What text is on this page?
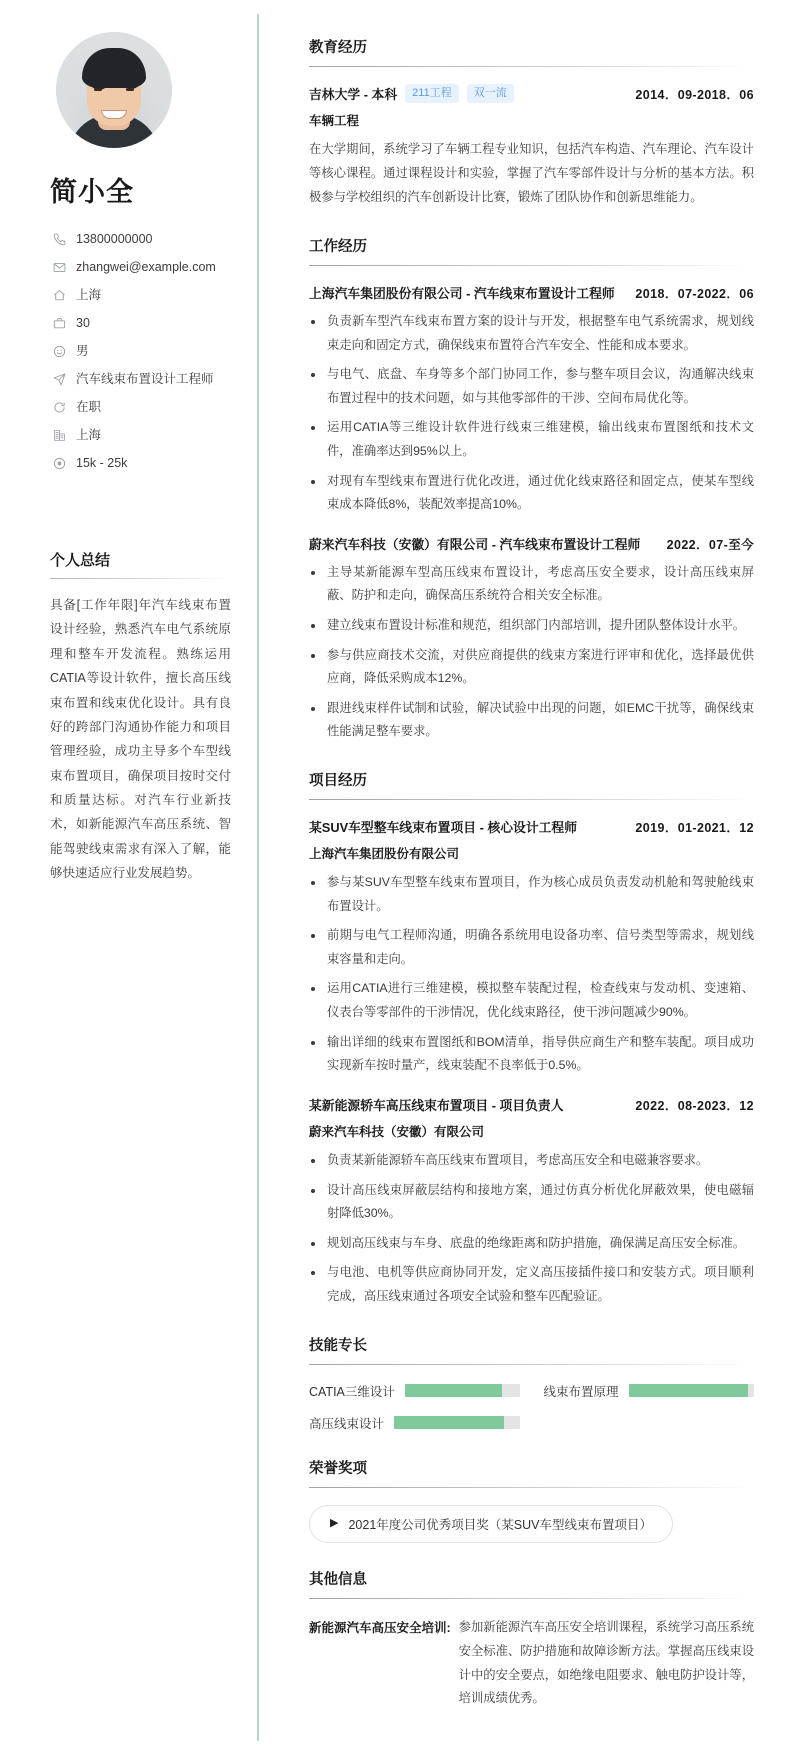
简小全
13800000000
zhangwei@example.com
上海
30
男
汽车线束布置设计工程师
在职
上海
15k - 25k
个人总结

具备[工作年限]年汽车线束布置设计经验，熟悉汽车电气系统原理和整车开发流程。熟练运用CATIA等设计软件，擅长高压线束布置和线束优化设计。具有良好的跨部门沟通协作能力和项目管理经验，成功主导多个车型线束布置项目，确保项目按时交付和质量达标。对汽车行业新技术，如新能源汽车高压系统、智能驾驶线束需求有深入了解，能够快速适应行业发展趋势。

教育经历
吉林大学 - 本科	211工程	双一流	2014．09-2018．06
车辆工程

在大学期间，系统学习了车辆工程专业知识，包括汽车构造、汽车理论、汽车设计等核心课程。通过课程设计和实验，掌握了汽车零部件设计与分析的基本方法。积极参与学校组织的汽车创新设计比赛，锻炼了团队协作和创新思维能力。

工作经历
上海汽车集团股份有限公司 - 汽车线束布置设计工程师 2018．07-2022．06
负责新车型汽车线束布置方案的设计与开发，根据整车电气系统需求，规划线束走向和固定方式，确保线束布置符合汽车安全、性能和成本要求。
与电气、底盘、车身等多个部门协同工作，参与整车项目会议，沟通解决线束布置过程中的技术问题，如与其他零部件的干涉、空间布局优化等。
运用CATIA等三维设计软件进行线束三维建模，输出线束布置图纸和技术文件，准确率达到95%以上。
对现有车型线束布置进行优化改进，通过优化线束路径和固定点，使某车型线束成本降低8%，装配效率提高10%。
蔚来汽车科技（安徽）有限公司 - 汽车线束布置设计工程师 2022．07-至今
主导某新能源车型高压线束布置设计，考虑高压安全要求，设计高压线束屏蔽、防护和走向，确保高压系统符合相关安全标准。
建立线束布置设计标准和规范，组织部门内部培训，提升团队整体设计水平。
参与供应商技术交流，对供应商提供的线束方案进行评审和优化，选择最优供应商，降低采购成本12%。
跟进线束样件试制和试验，解决试验中出现的问题，如EMC干扰等，确保线束性能满足整车要求。
项目经历
某SUV车型整车线束布置项目 - 核心设计工程师	2019．01-2021．12
上海汽车集团股份有限公司
参与某SUV车型整车线束布置项目，作为核心成员负责发动机舱和驾驶舱线束布置设计。
前期与电气工程师沟通，明确各系统用电设备功率、信号类型等需求，规划线束容量和走向。
运用CATIA进行三维建模，模拟整车装配过程，检查线束与发动机、变速箱、仪表台等零部件的干涉情况，优化线束路径，使干涉问题减少90%。
输出详细的线束布置图纸和BOM清单，指导供应商生产和整车装配。项目成功实现新车按时量产，线束装配不良率低于0.5%。
某新能源轿车高压线束布置项目 - 项目负责人	2022．08-2023．12
蔚来汽车科技（安徽）有限公司
负责某新能源轿车高压线束布置项目，考虑高压安全和电磁兼容要求。
设计高压线束屏蔽层结构和接地方案，通过仿真分析优化屏蔽效果，使电磁辐射降低30%。
规划高压线束与车身、底盘的绝缘距离和防护措施，确保满足高压安全标准。
与电池、电机等供应商协同开发，定义高压接插件接口和安装方式。项目顺利完成，高压线束通过各项安全试验和整车匹配验证。
技能专长
CATIA三维设计	线束布置原理
高压线束设计
荣誉奖项
▶ 2021年度公司优秀项目奖（某SUV车型线束布置项目）
其他信息
新能源汽车高压安全培训: 参加新能源汽车高压安全培训课程，系统学习高压系统安全标准、防护措施和故障诊断方法。掌握高压线束设计中的安全要点，如绝缘电阻要求、触电防护设计等，培训成绩优秀。
